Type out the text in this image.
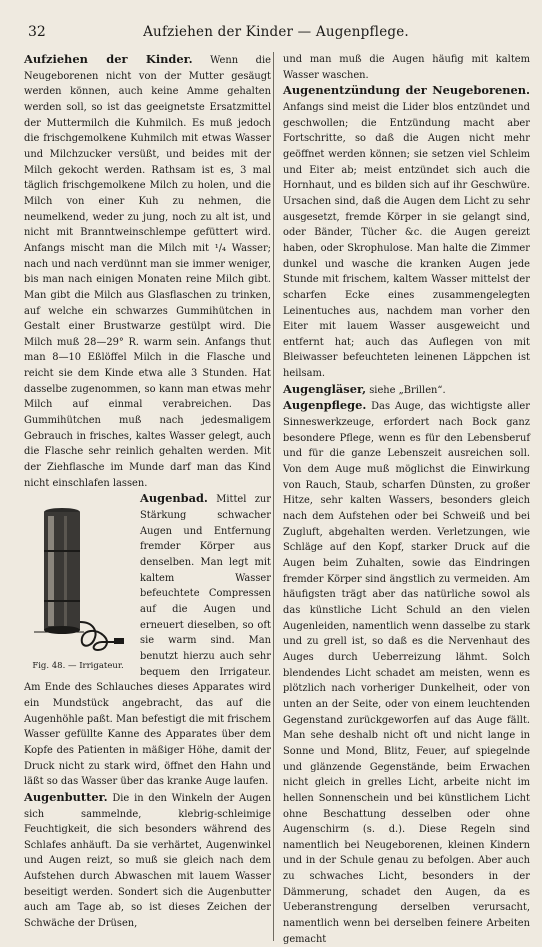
32	Aufziehen der Kinder — Augenpflege.

Aufziehen der Kinder. Wenn die Neugeborenen nicht von der Mutter gesäugt werden können, auch keine Amme gehalten werden soll, so ist das geeignetste Ersatzmittel der Muttermilch die Kuhmilch. Es muß jedoch die frischgemolkene Kuhmilch mit etwas Wasser und Milchzucker versüßt, und beides mit der Milch gekocht werden. Rathsam ist es, 3 mal täglich frischgemolkene Milch zu holen, und die Milch von einer Kuh zu nehmen, die neumelkend, weder zu jung, noch zu alt ist, und nicht mit Branntweinschlempe gefüttert wird. Anfangs mischt man die Milch mit ¹/₄ Wasser; nach und nach verdünnt man sie immer weniger, bis man nach einigen Monaten reine Milch gibt. Man gibt die Milch aus Glasflaschen zu trinken, auf welche ein schwarzes Gummihütchen in Gestalt einer Brustwarze gestülpt wird. Die Milch muß 28—29° R. warm sein. Anfangs thut man 8—10 Eßlöffel Milch in die Flasche und reicht sie dem Kinde etwa alle 3 Stunden. Hat dasselbe zugenommen, so kann man etwas mehr Milch auf einmal verabreichen. Das Gummihütchen muß nach jedesmaligem Gebrauch in frisches, kaltes Wasser gelegt, auch die Flasche sehr reinlich gehalten werden. Mit der Ziehflasche im Munde darf man das Kind nicht einschlafen lassen.

Augenbad.
Fig. 48. — Irrigateur.
Mittel zur Stärkung schwacher Augen und Entfernung fremder Körper aus denselben. Man legt mit kaltem Wasser befeuchtete Compressen auf die Augen und erneuert dieselben, so oft sie warm sind. Man benutzt hierzu auch sehr bequem den Irrigateur. Am Ende des Schlauches dieses Apparates wird ein Mundstück angebracht, das auf die Augenhöhle paßt. Man befestigt die mit frischem Wasser gefüllte Kanne des Apparates über dem Kopfe des Patienten in mäßiger Höhe, damit der Druck nicht zu stark wird, öffnet den Hahn und läßt so das Wasser über das kranke Auge laufen.

Augenbutter. Die in den Winkeln der Augen sich sammelnde, klebrig-schleimige Feuchtigkeit, die sich besonders während des Schlafes anhäuft. Da sie verhärtet, Augenwinkel und Augen reizt, so muß sie gleich nach dem Aufstehen durch Abwaschen mit lauem Wasser beseitigt werden. Sondert sich die Augenbutter auch am Tage ab, so ist dieses Zeichen der Schwäche der Drüsen,

und man muß die Augen häufig mit kaltem Wasser waschen.

Augenentzündung der Neugeborenen. Anfangs sind meist die Lider blos entzündet und geschwollen; die Entzündung macht aber Fortschritte, so daß die Augen nicht mehr geöffnet werden können; sie setzen viel Schleim und Eiter ab; meist entzündet sich auch die Hornhaut, und es bilden sich auf ihr Geschwüre. Ursachen sind, daß die Augen dem Licht zu sehr ausgesetzt, fremde Körper in sie gelangt sind, oder Bänder, Tücher &c. die Augen gereizt haben, oder Skrophulose. Man halte die Zimmer dunkel und wasche die kranken Augen jede Stunde mit frischem, kaltem Wasser mittelst der scharfen Ecke eines zusammengelegten Leinentuches aus, nachdem man vorher den Eiter mit lauem Wasser ausgeweicht und entfernt hat; auch das Auflegen von mit Bleiwasser befeuchteten leinenen Läppchen ist heilsam.

Augengläser, siehe „Brillen“.

Augenpflege. Das Auge, das wichtigste aller Sinneswerkzeuge, erfordert nach Bock ganz besondere Pflege, wenn es für den Lebensberuf und für die ganze Lebenszeit ausreichen soll. Von dem Auge muß möglichst die Einwirkung von Rauch, Staub, scharfen Dünsten, zu großer Hitze, sehr kalten Wassers, besonders gleich nach dem Aufstehen oder bei Schweiß und bei Zugluft, abgehalten werden. Verletzungen, wie Schläge auf den Kopf, starker Druck auf die Augen beim Zuhalten, sowie das Eindringen fremder Körper sind ängstlich zu vermeiden. Am häufigsten trägt aber das natürliche sowol als das künstliche Licht Schuld an den vielen Augenleiden, namentlich wenn dasselbe zu stark und zu grell ist, so daß es die Nervenhaut des Auges durch Ueberreizung lähmt. Solch blendendes Licht schadet am meisten, wenn es plötzlich nach vorheriger Dunkelheit, oder von unten an der Seite, oder von einem leuchtenden Gegenstand zurückgeworfen auf das Auge fällt. Man sehe deshalb nicht oft und nicht lange in Sonne und Mond, Blitz, Feuer, auf spiegelnde und glänzende Gegenstände, beim Erwachen nicht gleich in grelles Licht, arbeite nicht im hellen Sonnenschein und bei künstlichem Licht ohne Beschattung desselben oder ohne Augenschirm (s. d.). Diese Regeln sind namentlich bei Neugeborenen, kleinen Kindern und in der Schule genau zu befolgen. Aber auch zu schwaches Licht, besonders in der Dämmerung, schadet den Augen, da es Ueberanstrengung derselben verursacht, namentlich wenn bei derselben feinere Arbeiten gemacht
